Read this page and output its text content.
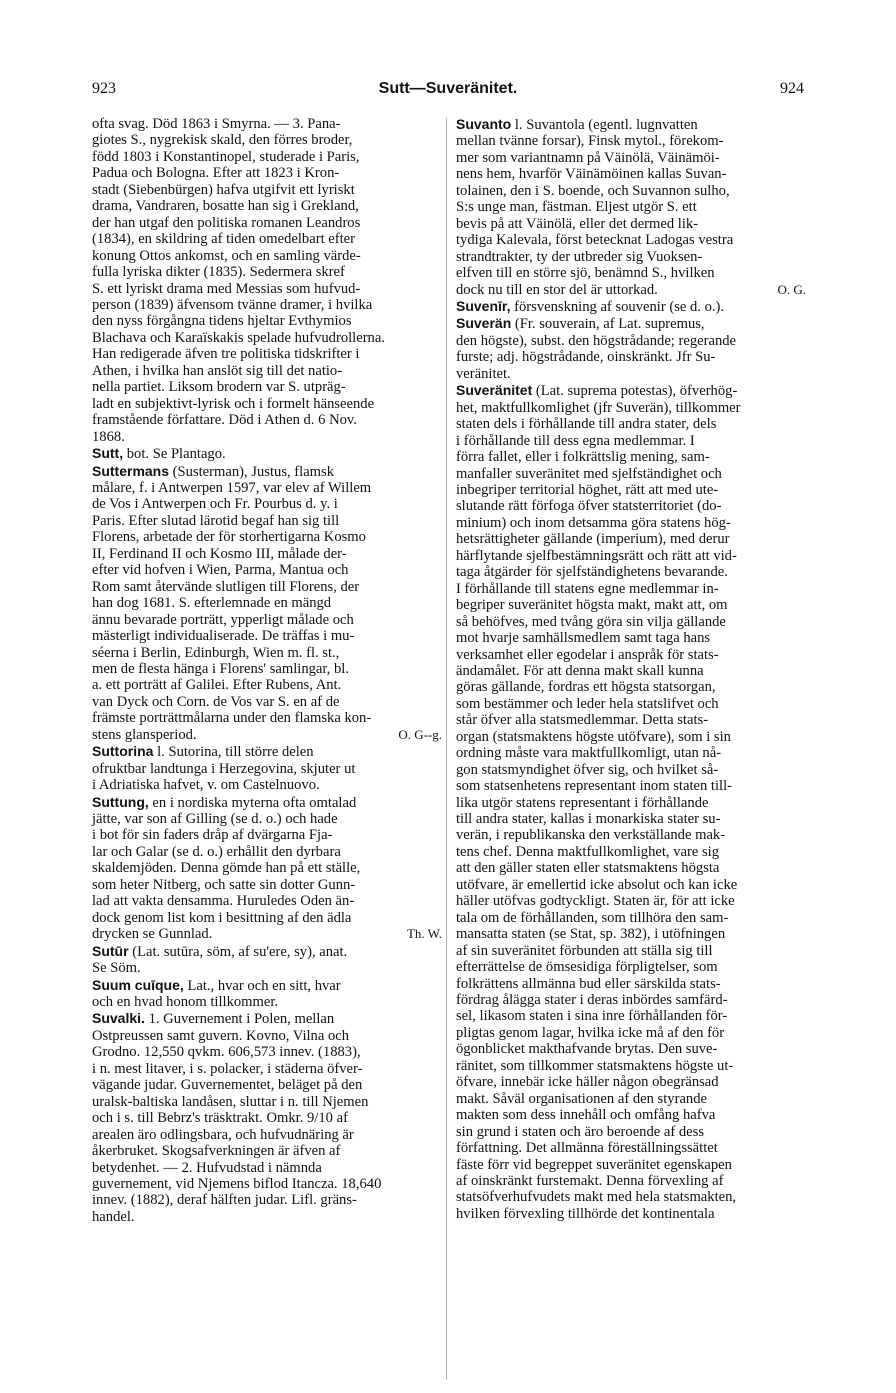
923	Sutt—Suveränitet.	924
ofta svag. Död 1863 i Smyrna. — 3. Pana-
giotes S., nygrekisk skald, den förres broder,
född 1803 i Konstantinopel, studerade i Paris,
Padua och Bologna. Efter att 1823 i Kron-
stadt (Siebenbürgen) hafva utgifvit ett lyriskt
drama, Vandraren, bosatte han sig i Grekland,
der han utgaf den politiska romanen Leandros
(1834), en skildring af tiden omedelbart efter
konung Ottos ankomst, och en samling värde-
fulla lyriska dikter (1835). Sedermera skref
S. ett lyriskt drama med Messias som hufvud-
person (1839) äfvensom tvänne dramer, i hvilka
den nyss förgångna tidens hjeltar Evthymios
Blachava och Karaïskakis spelade hufvudrollerna.
Han redigerade äfven tre politiska tidskrifter i
Athen, i hvilka han anslöt sig till det natio-
nella partiet. Liksom brodern var S. utpräg-
ladt en subjektivt-lyrisk och i formelt hänseende
framstående författare. Död i Athen d. 6 Nov.
1868.
Sutt, bot. Se Plantago.
Suttermans (Susterman), Justus, flamsk
målare, f. i Antwerpen 1597, var elev af Willem
de Vos i Antwerpen och Fr. Pourbus d. y. i
Paris. Efter slutad lärotid begaf han sig till
Florens, arbetade der för storhertigarna Kosmo
II, Ferdinand II och Kosmo III, målade der-
efter vid hofven i Wien, Parma, Mantua och
Rom samt återvände slutligen till Florens, der
han dog 1681. S. efterlemnade en mängd
ännu bevarade porträtt, ypperligt målade och
mästerligt individualiserade. De träffas i mu-
séerna i Berlin, Edinburgh, Wien m. fl. st.,
men de flesta hänga i Florens' samlingar, bl.
a. ett porträtt af Galilei. Efter Rubens, Ant.
van Dyck och Corn. de Vos var S. en af de
främste porträttmålarna under den flamska kon-
stens glansperiod.	O. G--g.
Suttorina l. Sutorina, till större delen
ofruktbar landtunga i Herzegovina, skjuter ut
i Adriatiska hafvet, v. om Castelnuovo.
Suttung, en i nordiska myterna ofta omtalad
jätte, var son af Gilling (se d. o.) och hade
i bot för sin faders dråp af dvärgarna Fja-
lar och Galar (se d. o.) erhållit den dyrbara
skaldemjöden. Denna gömde han på ett ställe,
som heter Nitberg, och satte sin dotter Gunn-
lad att vakta densamma. Huruledes Oden än-
dock genom list kom i besittning af den ädla
drycken se Gunnlad.	Th. W.
Sutūr (Lat. sutūra, söm, af su'ere, sy), anat.
Se Söm.
Suum cuīque, Lat., hvar och en sitt, hvar
och en hvad honom tillkommer.
Suvalki. 1. Guvernement i Polen, mellan
Ostpreussen samt guvern. Kovno, Vilna och
Grodno. 12,550 qvkm. 606,573 innev. (1883),
i n. mest litaver, i s. polacker, i städerna öfver-
vägande judar. Guvernementet, beläget på den
uralsk-baltiska landåsen, sluttar i n. till Njemen
och i s. till Bebrz's träsktrakt. Omkr. 9/10 af
arealen äro odlingsbara, och hufvudnäring är
åkerbruket. Skogsafverkningen är äfven af
betydenhet. — 2. Hufvudstad i nämnda
guvernement, vid Njemens biflod Itancza. 18,640
innev. (1882), deraf hälften judar. Lifl. gräns-
handel.
Suvanto l. Suvantola (egentl. lugnvatten
mellan tvänne forsar), Finsk mytol., förekom-
mer som variantnamn på Väinölä, Väinämöi-
nens hem, hvarför Väinämöinen kallas Suvan-
tolainen, den i S. boende, och Suvannon sulho,
S:s unge man, fästman. Eljest utgör S. ett
bevis på att Väinölä, eller det dermed lik-
tydiga Kalevala, först betecknat Ladogas vestra
strandtrakter, ty der utbreder sig Vuoksen-
elfven till en större sjö, benämnd S., hvilken
dock nu till en stor del är uttorkad.	O. G.
Suvenīr, försvenskning af souvenir (se d. o.).
Suverän (Fr. souverain, af Lat. supremus,
den högste), subst. den högstrådande; regerande
furste; adj. högstrådande, oinskränkt. Jfr Su-
veränitet.
Suveränitet (Lat. suprema potestas), öfverhög-
het, maktfullkomlighet (jfr Suverän), tillkommer
staten dels i förhållande till andra stater, dels
i förhållande till dess egna medlemmar. I
förra fallet, eller i folkrättslig mening, sam-
manfaller suveränitet med sjelfständighet och
inbegriper territorial höghet, rätt att med ute-
slutande rätt förfoga öfver statsterritoriet (do-
minium) och inom detsamma göra statens hög-
hetsrättigheter gällande (imperium), med derur
härflytande sjelfbestämningsrätt och rätt att vid-
taga åtgärder för sjelfständighetens bevarande.
I förhållande till statens egne medlemmar in-
begriper suveränitet högsta makt, makt att, om
så behöfves, med tvång göra sin vilja gällande
mot hvarje samhällsmedlem samt taga hans
verksamhet eller egodelar i anspråk för stats-
ändamålet. För att denna makt skall kunna
göras gällande, fordras ett högsta statsorgan,
som bestämmer och leder hela statslifvet och
står öfver alla statsmedlemmar. Detta stats-
organ (statsmaktens högste utöfvare), som i sin
ordning måste vara maktfullkomligt, utan nå-
gon statsmyndighet öfver sig, och hvilket så-
som statsenhetens representant inom staten till-
lika utgör statens representant i förhållande
till andra stater, kallas i monarkiska stater su-
verän, i republikanska den verkställande mak-
tens chef. Denna maktfullkomlighet, vare sig
att den gäller staten eller statsmaktens högsta
utöfvare, är emellertid icke absolut och kan icke
häller utöfvas godtyckligt. Staten är, för att icke
tala om de förhållanden, som tillhöra den sam-
mansatta staten (se Stat, sp. 382), i utöfningen
af sin suveränitet förbunden att ställa sig till
efterrättelse de ömsesidiga förpligtelser, som
folkrättens allmänna bud eller särskilda stats-
fördrag ålägga stater i deras inbördes samfärd-
sel, likasom staten i sina inre förhållanden för-
pligtas genom lagar, hvilka icke må af den för
ögonblicket makthafvande brytas. Den suve-
ränitet, som tillkommer statsmaktens högste ut-
öfvare, innebär icke häller någon obegränsad
makt. Såväl organisationen af den styrande
makten som dess innehåll och omfång hafva
sin grund i staten och äro beroende af dess
författning. Det allmänna föreställningssättet
fäste förr vid begreppet suveränitet egenskapen
af oinskränkt furstemakt. Denna förvexling af
statsöfverhufvudets makt med hela statsmakten,
hvilken förvexling tillhörde det kontinentala
